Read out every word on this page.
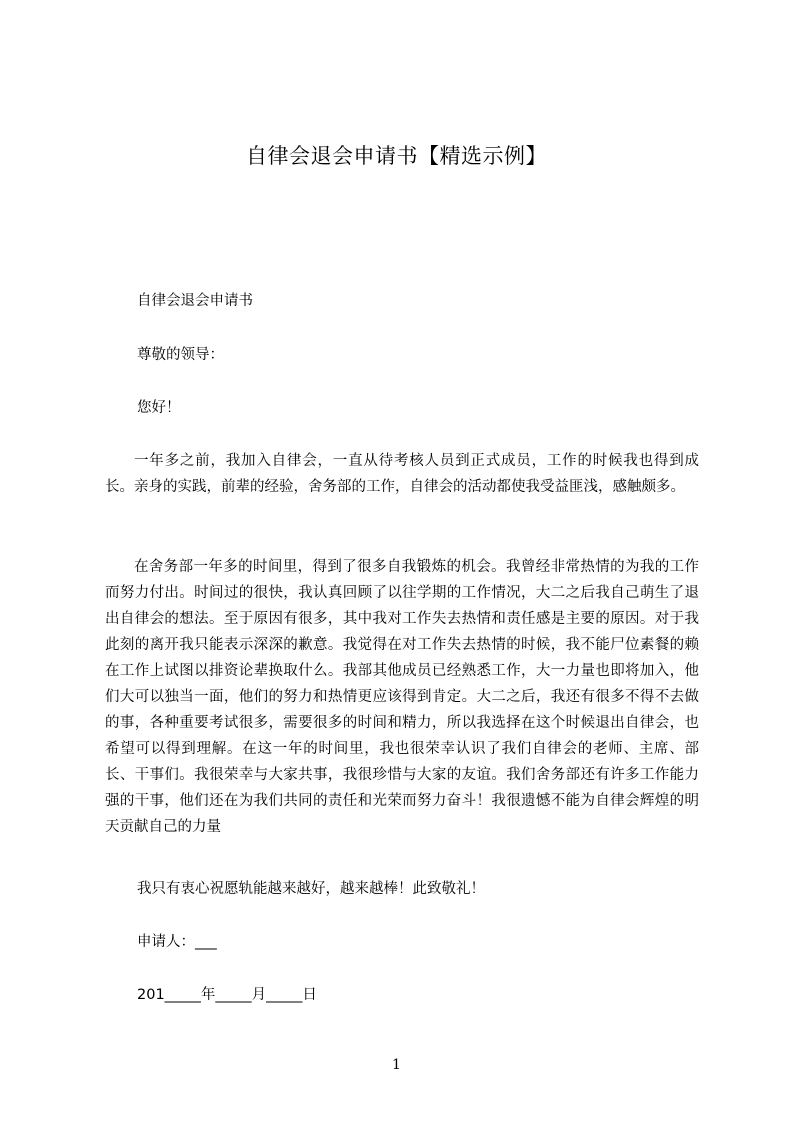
自律会退会申请书【精选示例】
自律会退会申请书
尊敬的领导：
您好！

一年多之前，我加入自律会，一直从待考核人员到正式成员，工作的时候我也得到成长。亲身的实践，前辈的经验，舍务部的工作，自律会的活动都使我受益匪浅，感触颇多。

在舍务部一年多的时间里，得到了很多自我锻炼的机会。我曾经非常热情的为我的工作而努力付出。时间过的很快，我认真回顾了以往学期的工作情况，大二之后我自己萌生了退出自律会的想法。至于原因有很多，其中我对工作失去热情和责任感是主要的原因。对于我此刻的离开我只能表示深深的歉意。我觉得在对工作失去热情的时候，我不能尸位素餐的赖在工作上试图以排资论辈换取什么。我部其他成员已经熟悉工作，大一力量也即将加入，他们大可以独当一面，他们的努力和热情更应该得到肯定。大二之后，我还有很多不得不去做的事，各种重要考试很多，需要很多的时间和精力，所以我选择在这个时候退出自律会，也希望可以得到理解。在这一年的时间里，我也很荣幸认识了我们自律会的老师、主席、部长、干事们。我很荣幸与大家共事，我很珍惜与大家的友谊。我们舍务部还有许多工作能力强的干事，他们还在为我们共同的责任和光荣而努力奋斗！我很遗憾不能为自律会辉煌的明天贡献自己的力量

我只有衷心祝愿轨能越来越好，越来越棒！此致敬礼！
申请人：___
201_____年_____月_____日
1
